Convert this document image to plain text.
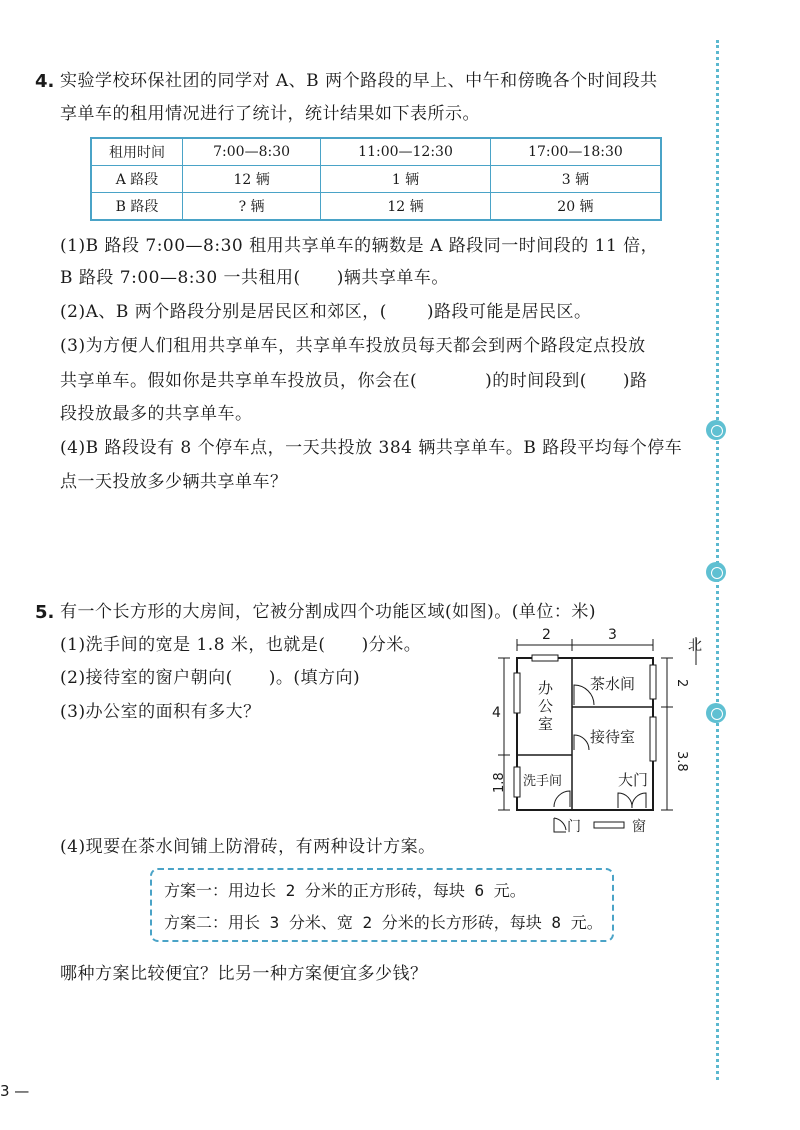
4. 实验学校环保社团的同学对 A、B 两个路段的早上、中午和傍晚各个时间段共
享单车的租用情况进行了统计，统计结果如下表所示。
租用时间	7:00—8:30	11:00—12:30	17:00—18:30
A 路段	12 辆	1 辆	3 辆
B 路段	? 辆	12 辆	20 辆
(1)B 路段 7:00—8:30 租用共享单车的辆数是 A 路段同一时间段的 11 倍，
B 路段 7:00—8:30 一共租用( )辆共享单车。
(2)A、B 两个路段分别是居民区和郊区，( )路段可能是居民区。
(3)为方便人们租用共享单车，共享单车投放员每天都会到两个路段定点投放
共享单车。假如你是共享单车投放员，你会在(	)的时间段到( )路
段投放最多的共享单车。
(4)B 路段设有 8 个停车点，一天共投放 384 辆共享单车。B 路段平均每个停车
点一天投放多少辆共享单车？
5. 有一个长方形的大房间，它被分割成四个功能区域(如图)。(单位：米)
(1)洗手间的宽是 1.8 米，也就是( )分米。
(2)接待室的窗户朝向( )。(填方向)
(3)办公室的面积有多大？
(4)现要在茶水间铺上防滑砖，有两种设计方案。
方案一：用边长 2 分米的正方形砖，每块 6 元。
方案二：用长 3 分米、宽 2 分米的长方形砖，每块 8 元。
哪种方案比较便宜？比另一种方案便宜多少钱？
2	3
4
1.8
2
3.8
北
办
公
室
茶水间
接待室
洗手间	大门
门	窗
3 —
